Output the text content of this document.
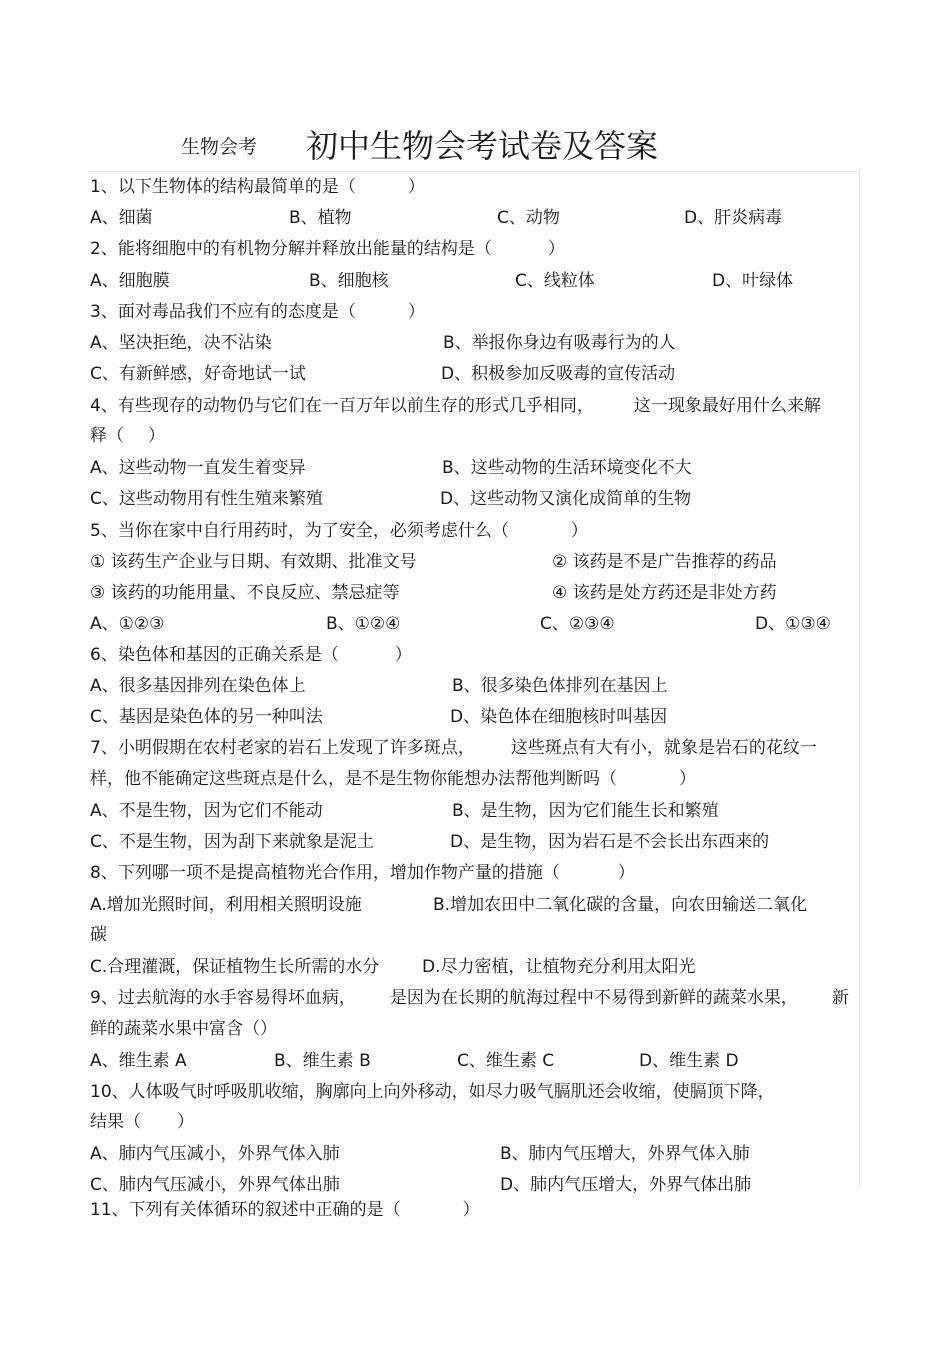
生物会考 初中生物会考试卷及答案
1、以下生物体的结构最简单的是（	）
A、细菌	B、植物	C、动物	D、肝炎病毒
2、能将细胞中的有机物分解并释放出能量的结构是（	）
A、细胞膜	B、细胞核	C、线粒体	D、叶绿体
3、面对毒品我们不应有的态度是（	）
A、坚决拒绝，决不沾染	B、举报你身边有吸毒行为的人
C、有新鲜感，好奇地试一试	D、积极参加反吸毒的宣传活动
4、有些现存的动物仍与它们在一百万年以前生存的形式几乎相同， 这一现象最好用什么来解
释（ ）
A、这些动物一直发生着变异	B、这些动物的生活环境变化不大
C、这些动物用有性生殖来繁殖	D、这些动物又演化成简单的生物
5、当你在家中自行用药时，为了安全，必须考虑什么（	）
① 该药生产企业与日期、有效期、批准文号	② 该药是不是广告推荐的药品
③ 该药的功能用量、不良反应、禁忌症等	④ 该药是处方药还是非处方药
A、①②③	B、①②④	C、②③④	D、①③④
6、染色体和基因的正确关系是（	）
A、很多基因排列在染色体上	B、很多染色体排列在基因上
C、基因是染色体的另一种叫法	D、染色体在细胞核时叫基因
7、小明假期在农村老家的岩石上发现了许多斑点， 这些斑点有大有小，就象是岩石的花纹一
样，他不能确定这些斑点是什么，是不是生物你能想办法帮他判断吗（	）
A、不是生物，因为它们不能动	B、是生物，因为它们能生长和繁殖
C、不是生物，因为刮下来就象是泥土	D、是生物，因为岩石是不会长出东西来的
8、下列哪一项不是提高植物光合作用，增加作物产量的措施（	）
A.增加光照时间，利用相关照明设施	B.增加农田中二氧化碳的含量，向农田输送二氧化
碳
C.合理灌溉，保证植物生长所需的水分	D.尽力密植，让植物充分利用太阳光
9、过去航海的水手容易得坏血病， 是因为在长期的航海过程中不易得到新鲜的蔬菜水果， 新
鲜的蔬菜水果中富含（）
A、维生素 A	B、维生素 B	C、维生素 C	D、维生素 D
10、人体吸气时呼吸肌收缩，胸廓向上向外移动，如尽力吸气膈肌还会收缩，使膈顶下降，
结果（ ）
A、肺内气压减小，外界气体入肺	B、肺内气压增大，外界气体入肺
C、肺内气压减小，外界气体出肺	D、肺内气压增大，外界气体出肺
11、下列有关体循环的叙述中正确的是（	）
